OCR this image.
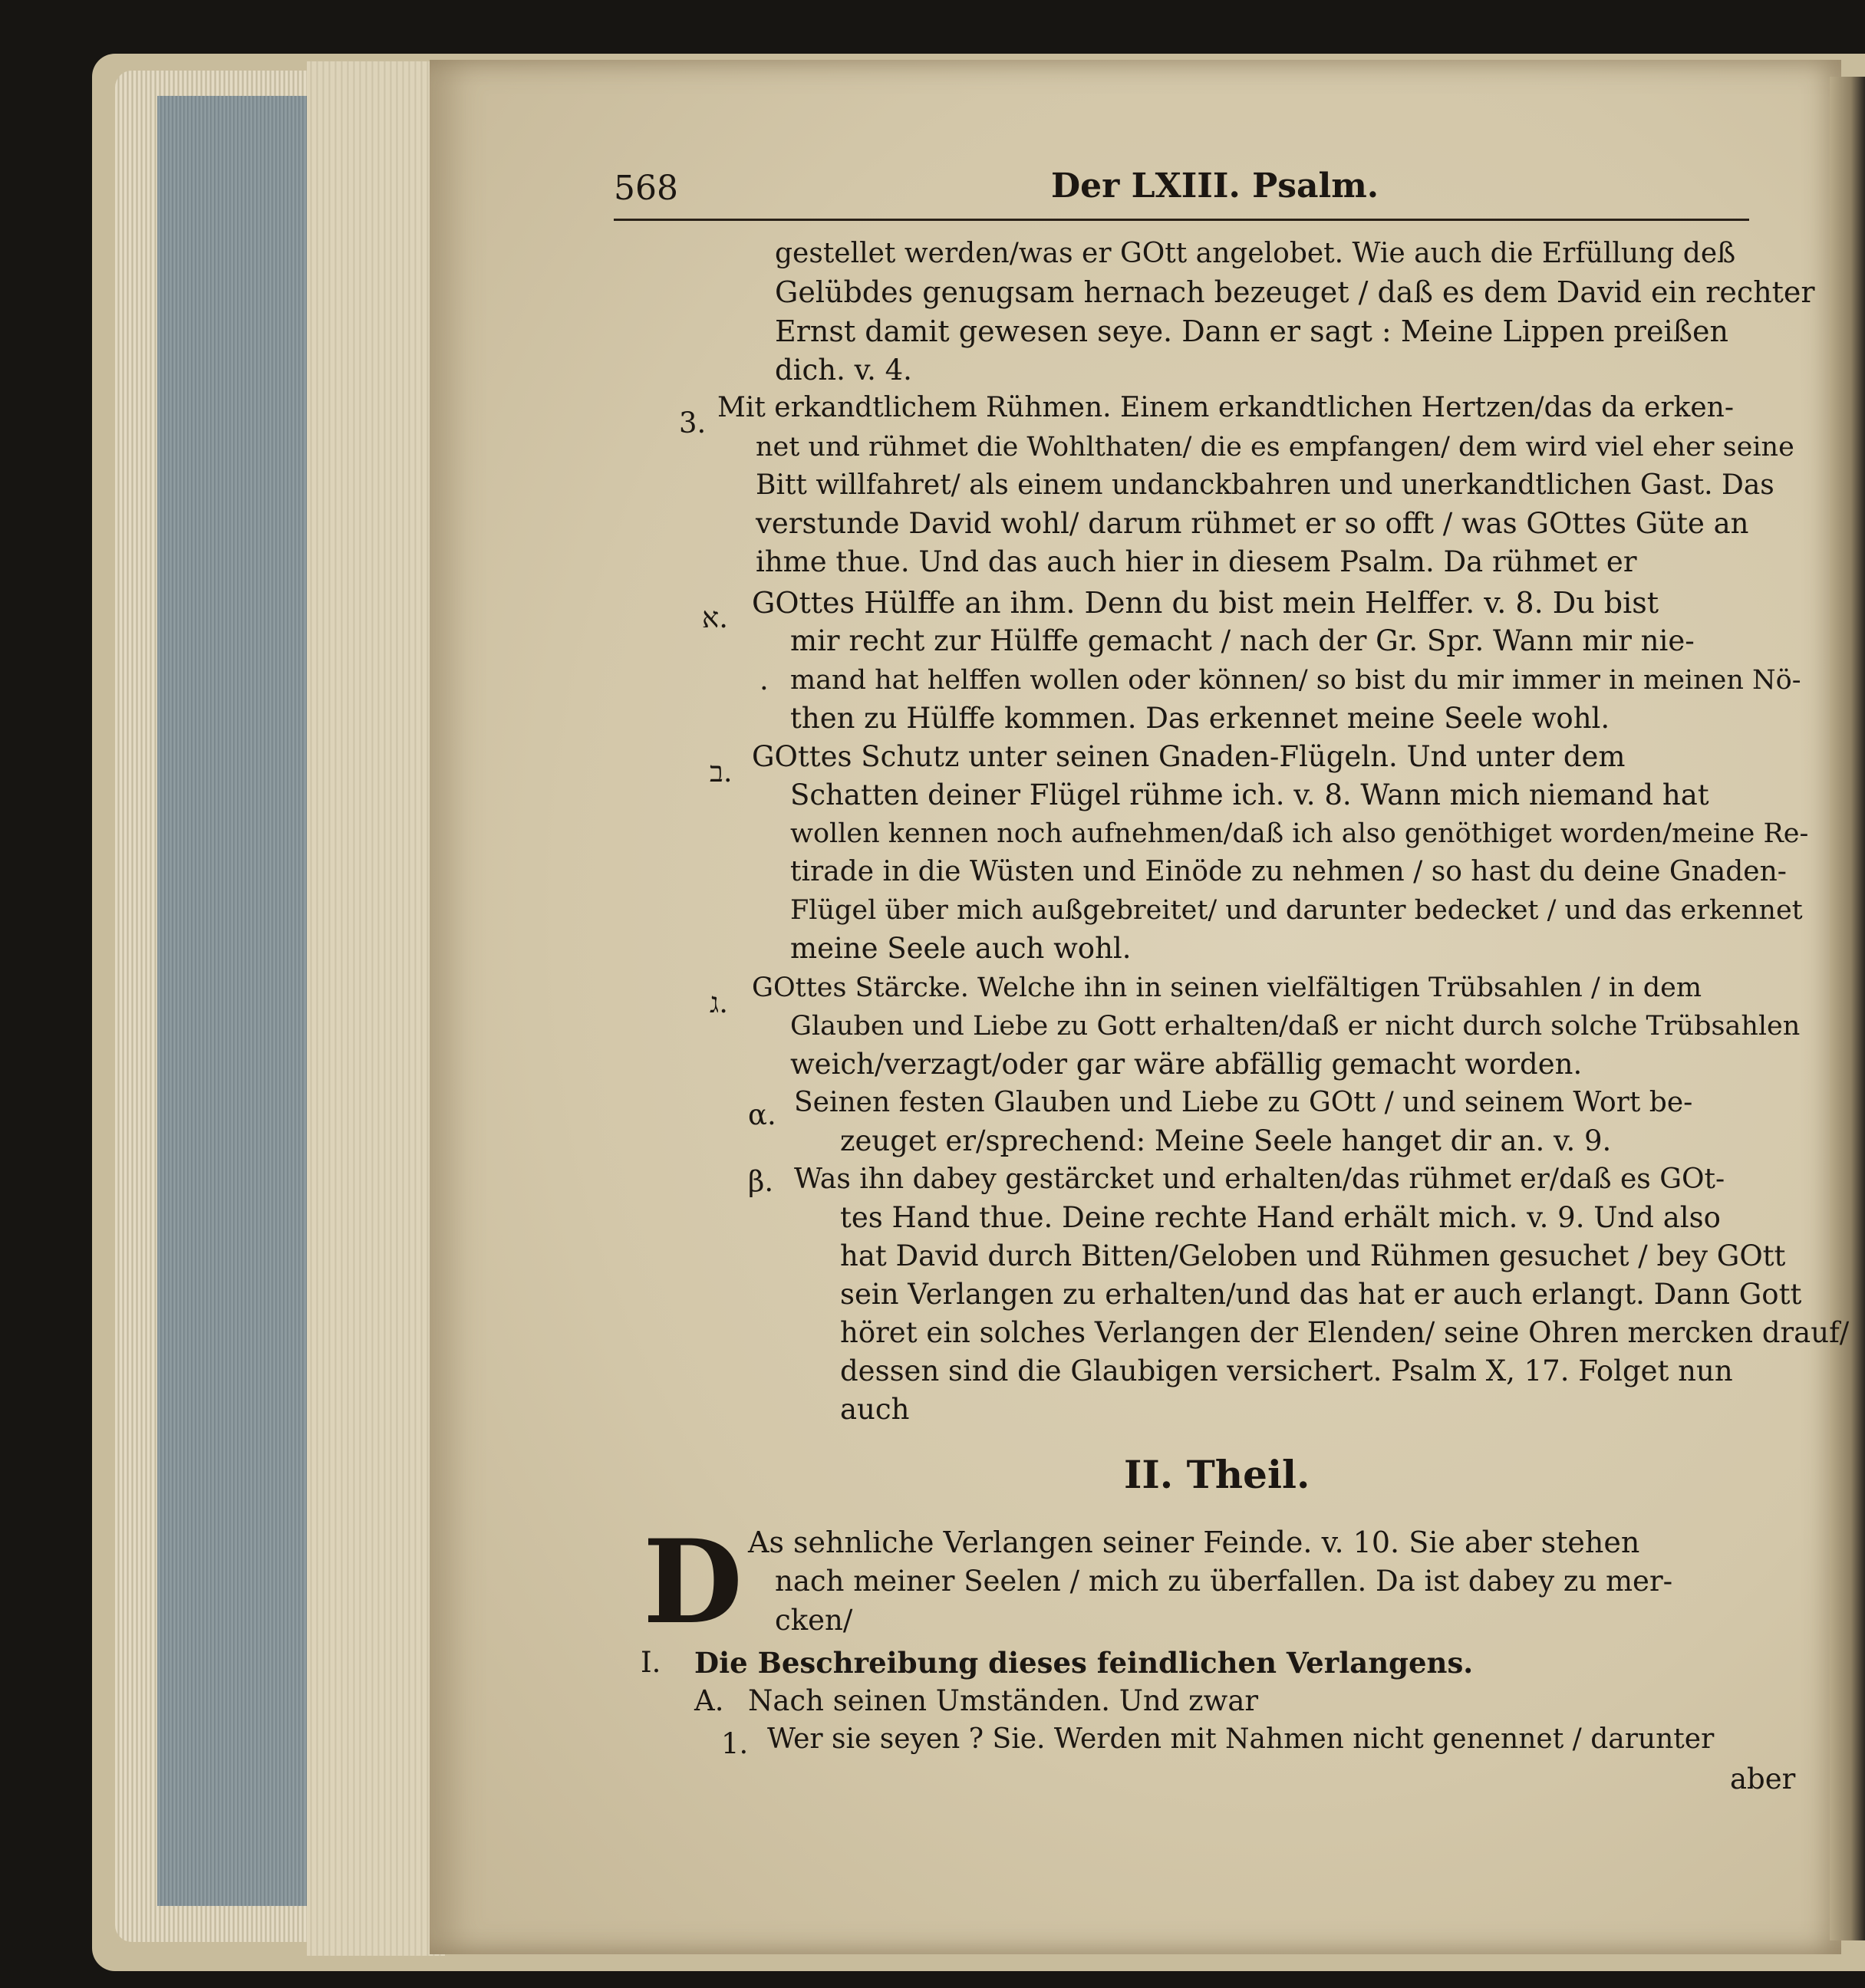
568	Der LXIII. Psalm.
gestellet werden/was er GOtt angelobet. Wie auch die Erfüllung deß
Gelübdes genugsam hernach bezeuget / daß es dem David ein rechter
Ernst damit gewesen seye. Dann er sagt : Meine Lippen preißen
dich. v. 4.
3. Mit erkandtlichem Rühmen. Einem erkandtlichen Hertzen/das da erken-
net und rühmet die Wohlthaten/ die es empfangen/ dem wird viel eher seine
Bitt willfahret/ als einem undanckbahren und unerkandtlichen Gast. Das
verstunde David wohl/ darum rühmet er so offt / was GOttes Güte an
ihme thue. Und das auch hier in diesem Psalm. Da rühmet er
א. GOttes Hülffe an ihm. Denn du bist mein Helffer. v. 8. Du bist
mir recht zur Hülffe gemacht / nach der Gr. Spr. Wann mir nie-
. mand hat helffen wollen oder können/ so bist du mir immer in meinen Nö-
then zu Hülffe kommen. Das erkennet meine Seele wohl.
ב. GOttes Schutz unter seinen Gnaden-Flügeln. Und unter dem
Schatten deiner Flügel rühme ich. v. 8. Wann mich niemand hat
wollen kennen noch aufnehmen/daß ich also genöthiget worden/meine Re-
tirade in die Wüsten und Einöde zu nehmen / so hast du deine Gnaden-
Flügel über mich außgebreitet/ und darunter bedecket / und das erkennet
meine Seele auch wohl.
ג. GOttes Stärcke. Welche ihn in seinen vielfältigen Trübsahlen / in dem
Glauben und Liebe zu Gott erhalten/daß er nicht durch solche Trübsahlen
weich/verzagt/oder gar wäre abfällig gemacht worden.
α. Seinen festen Glauben und Liebe zu GOtt / und seinem Wort be-
zeuget er/sprechend: Meine Seele hanget dir an. v. 9.
β. Was ihn dabey gestärcket und erhalten/das rühmet er/daß es GOt-
tes Hand thue. Deine rechte Hand erhält mich. v. 9. Und also
hat David durch Bitten/Geloben und Rühmen gesuchet / bey GOtt
sein Verlangen zu erhalten/und das hat er auch erlangt. Dann Gott
höret ein solches Verlangen der Elenden/ seine Ohren mercken drauf/
dessen sind die Glaubigen versichert. Psalm X, 17. Folget nun
auch
II. Theil.
D As sehnliche Verlangen seiner Feinde. v. 10. Sie aber stehen
nach meiner Seelen / mich zu überfallen. Da ist dabey zu mer-
cken/
I. Die Beschreibung dieses feindlichen Verlangens.
A. Nach seinen Umständen. Und zwar
1. Wer sie seyen ? Sie. Werden mit Nahmen nicht genennet / darunter
aber
